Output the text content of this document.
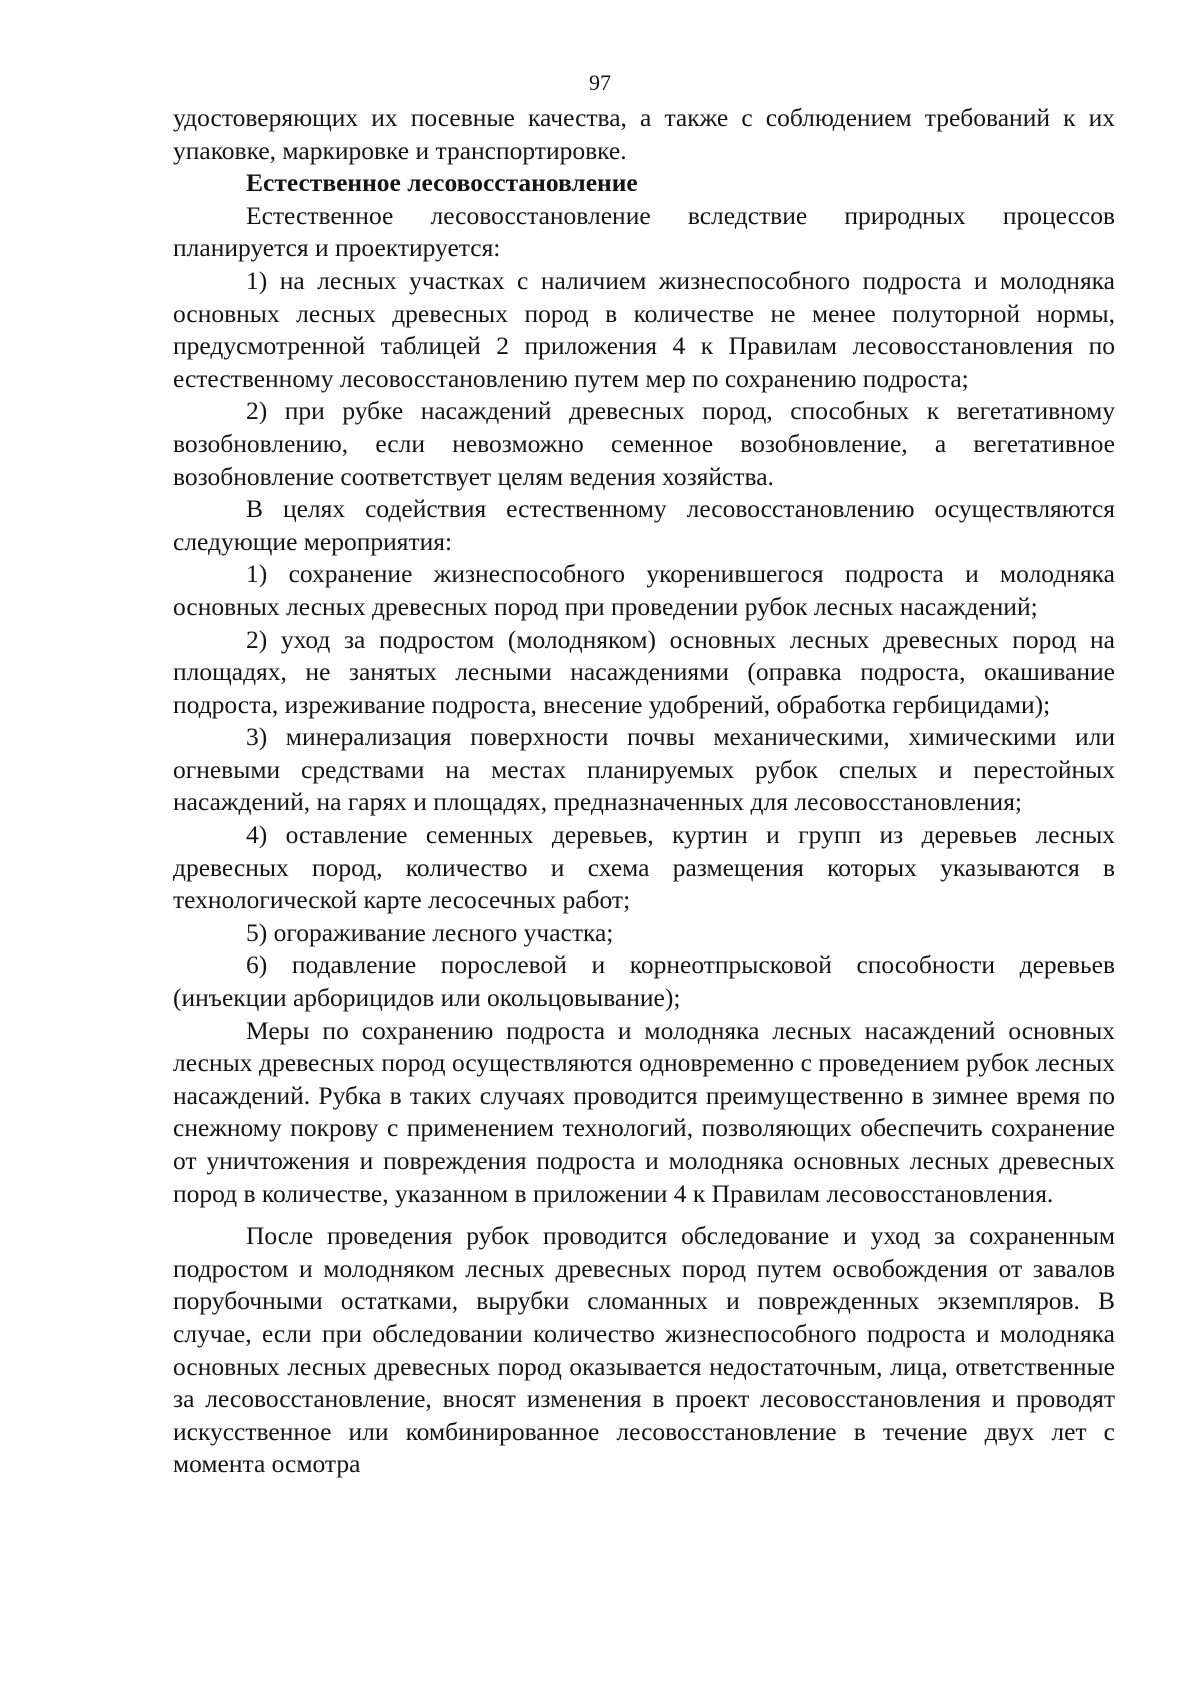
97

удостоверяющих их посевные качества, а также с соблюдением требований к их упаковке, маркировке и транспортировке.

Естественное лесовосстановление

Естественное лесовосстановление вследствие природных процессов планируется и проектируется:

1) на лесных участках с наличием жизнеспособного подроста и молодняка основных лесных древесных пород в количестве не менее полуторной нормы, предусмотренной таблицей 2 приложения 4 к Правилам лесовосстановления по естественному лесовосстановлению путем мер по сохранению подроста;

2) при рубке насаждений древесных пород, способных к вегетативному возобновлению, если невозможно семенное возобновление, а вегетативное возобновление соответствует целям ведения хозяйства.

В целях содействия естественному лесовосстановлению осуществляются следующие мероприятия:

1) сохранение жизнеспособного укоренившегося подроста и молодняка основных лесных древесных пород при проведении рубок лесных насаждений;

2) уход за подростом (молодняком) основных лесных древесных пород на площадях, не занятых лесными насаждениями (оправка подроста, окашивание подроста, изреживание подроста, внесение удобрений, обработка гербицидами);

3) минерализация поверхности почвы механическими, химическими или огневыми средствами на местах планируемых рубок спелых и перестойных насаждений, на гарях и площадях, предназначенных для лесовосстановления;

4) оставление семенных деревьев, куртин и групп из деревьев лесных древесных пород, количество и схема размещения которых указываются в технологической карте лесосечных работ;

5) огораживание лесного участка;

6) подавление порослевой и корнеотпрысковой способности деревьев (инъекции арборицидов или окольцовывание);

Меры по сохранению подроста и молодняка лесных насаждений основных лесных древесных пород осуществляются одновременно с проведением рубок лесных насаждений. Рубка в таких случаях проводится преимущественно в зимнее время по снежному покрову с применением технологий, позволяющих обеспечить сохранение от уничтожения и повреждения подроста и молодняка основных лесных древесных пород в количестве, указанном в приложении 4 к Правилам лесовосстановления.

После проведения рубок проводится обследование и уход за сохраненным подростом и молодняком лесных древесных пород путем освобождения от завалов порубочными остатками, вырубки сломанных и поврежденных экземпляров. В случае, если при обследовании количество жизнеспособного подроста и молодняка основных лесных древесных пород оказывается недостаточным, лица, ответственные за лесовосстановление, вносят изменения в проект лесовосстановления и проводят искусственное или комбинированное лесовосстановление в течение двух лет с момента осмотра
